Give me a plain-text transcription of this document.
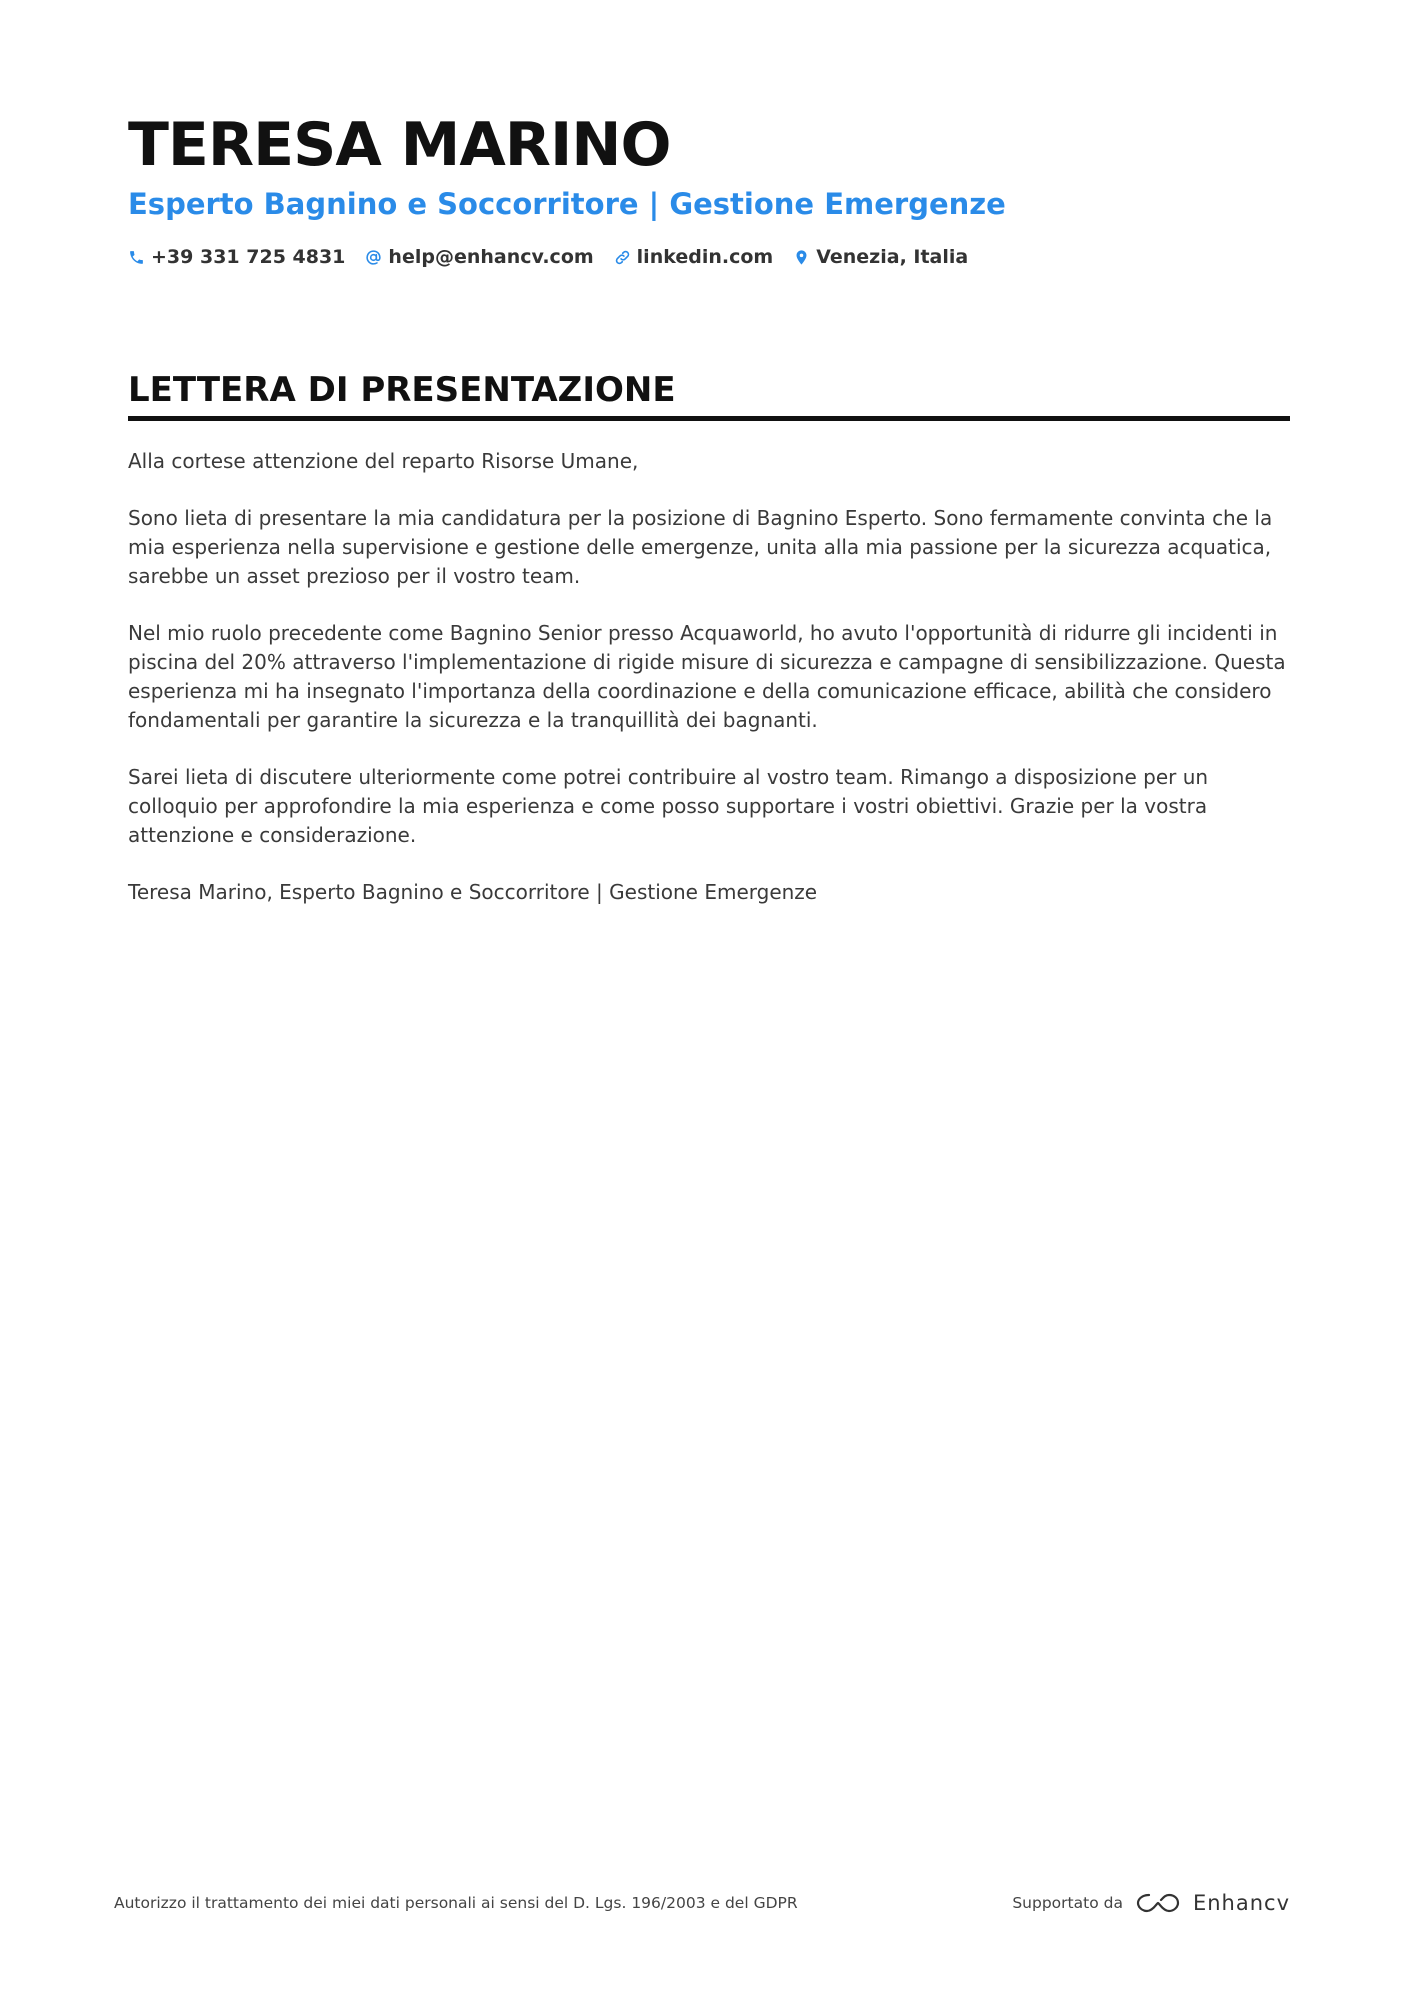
TERESA MARINO
Esperto Bagnino e Soccorritore | Gestione Emergenze
+39 331 725 4831 help@enhancv.com linkedin.com Venezia, Italia
LETTERA DI PRESENTAZIONE

Alla cortese attenzione del reparto Risorse Umane,

Sono lieta di presentare la mia candidatura per la posizione di Bagnino Esperto. Sono fermamente convinta che la mia esperienza nella supervisione e gestione delle emergenze, unita alla mia passione per la sicurezza acquatica, sarebbe un asset prezioso per il vostro team.

Nel mio ruolo precedente come Bagnino Senior presso Acquaworld, ho avuto l'opportunità di ridurre gli incidenti in piscina del 20% attraverso l'implementazione di rigide misure di sicurezza e campagne di sensibilizzazione. Questa esperienza mi ha insegnato l'importanza della coordinazione e della comunicazione efficace, abilità che considero fondamentali per garantire la sicurezza e la tranquillità dei bagnanti.

Sarei lieta di discutere ulteriormente come potrei contribuire al vostro team. Rimango a disposizione per un colloquio per approfondire la mia esperienza e come posso supportare i vostri obiettivi. Grazie per la vostra attenzione e considerazione.

Teresa Marino, Esperto Bagnino e Soccorritore | Gestione Emergenze

Autorizzo il trattamento dei miei dati personali ai sensi del D. Lgs. 196/2003 e del GDPR	Supportato da	Enhancv
